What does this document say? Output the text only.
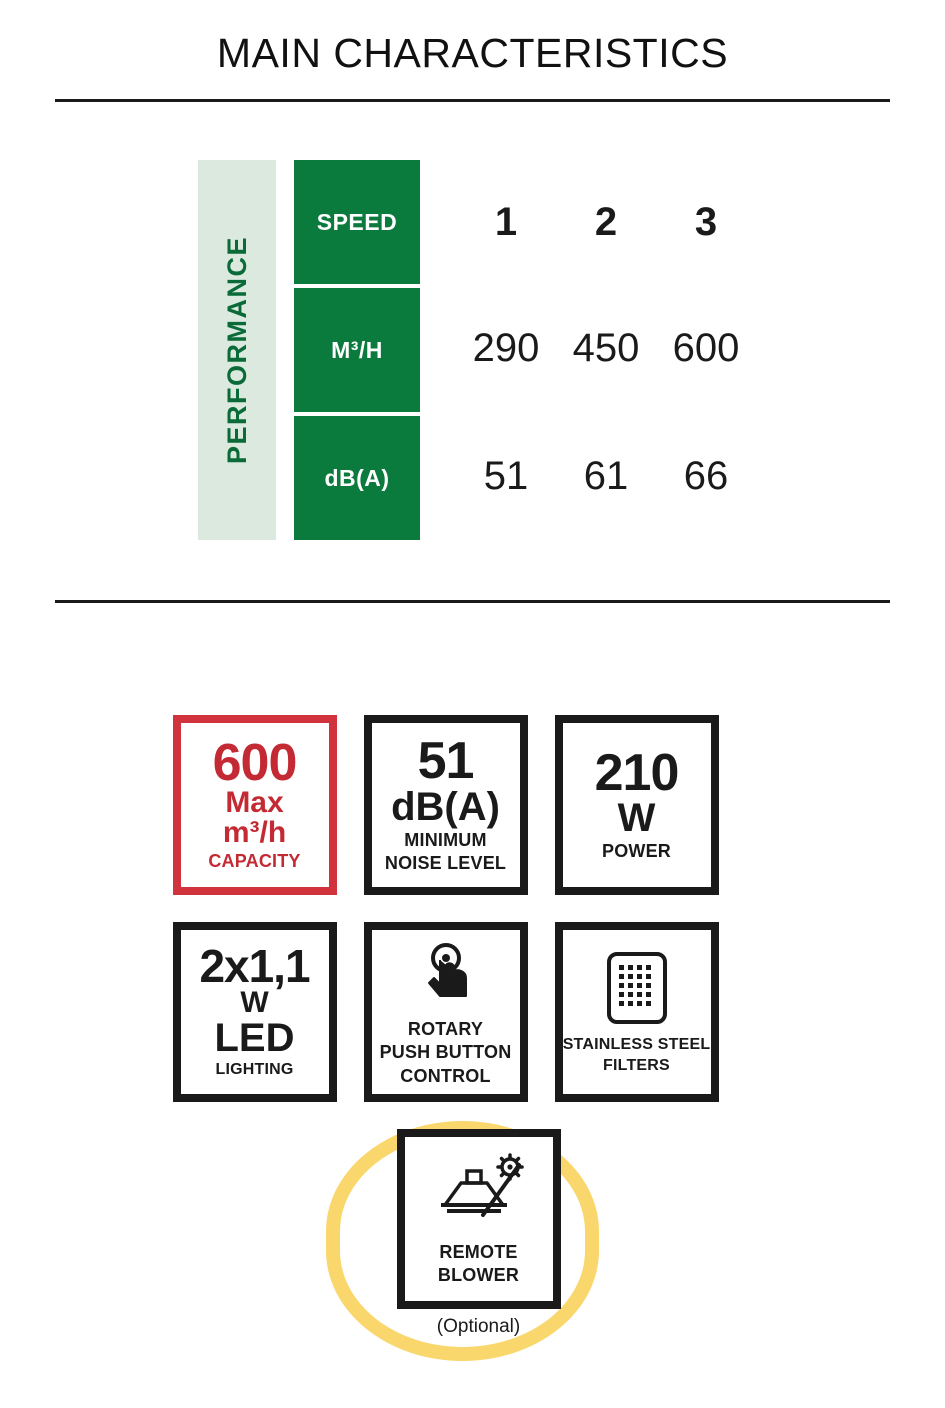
MAIN CHARACTERISTICS
PERFORMANCE
SPEED	1	2	3
M³/H	290 450 600
dB(A)	51	61	66
600
Max
m³/h
CAPACITY
51
dB(A)
MINIMUM
NOISE LEVEL
210
W
POWER
2x1,1
W
LED
LIGHTING
ROTARY
PUSH BUTTON
CONTROL
STAINLESS STEEL
FILTERS
REMOTE
BLOWER
(Optional)
